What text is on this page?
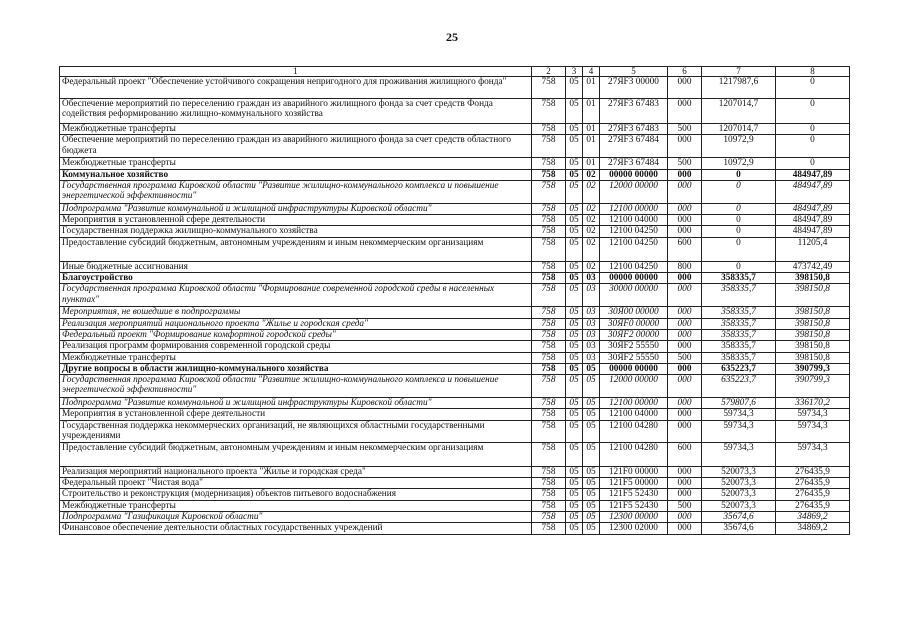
25
1	2	3	4	5	6	7	8
Федеральный проект "Обеспечение устойчивого сокращения непригодного для проживания жилищного фонда"	758	05	01	27ЯF3 00000	000	1217987,6	0
Обеспечение мероприятий по переселению граждан из аварийного жилищного фонда за счет средств Фонда содействия реформированию жилищно-коммунального хозяйства	758	05	01	27ЯF3 67483	000	1207014,7	0
Межбюджетные трансферты	758	05	01	27ЯF3 67483	500	1207014,7	0
Обеспечение мероприятий по переселению граждан из аварийного жилищного фонда за счет средств областного бюджета	758	05	01	27ЯF3 67484	000	10972,9	0
Межбюджетные трансферты	758	05	01	27ЯF3 67484	500	10972,9	0
Коммунальное хозяйство	758	05	02	00000 00000	000	0	484947,89
Государственная программа Кировской области "Развитие жилищно-коммунального комплекса и повышение энергетической эффективности"	758	05	02	12000 00000	000	0	484947,89
Подпрограмма "Развитие коммунальной и жилищной инфраструктуры Кировской области"	758	05	02	12100 00000	000	0	484947,89
Мероприятия в установленной сфере деятельности	758	05	02	12100 04000	000	0	484947,89
Государственная поддержка жилищно-коммунального хозяйства	758	05	02	12100 04250	000	0	484947,89
Предоставление субсидий бюджетным, автономным учреждениям и иным некоммерческим организациям	758	05	02	12100 04250	600	0	11205,4
Иные бюджетные ассигнования	758	05	02	12100 04250	800	0	473742,49
Благоустройство	758	05	03	00000 00000	000	358335,7	398150,8
Государственная программа Кировской области "Формирование современной городской среды в населенных пунктах"	758	05	03	30000 00000	000	358335,7	398150,8
Мероприятия, не вошедшие в подпрограммы	758	05	03	30Я00 00000	000	358335,7	398150,8
Реализация мероприятий национального проекта "Жилье и городская среда"	758	05	03	30ЯF0 00000	000	358335,7	398150,8
Федеральный проект "Формирование комфортной городской среды"	758	05	03	30ЯF2 00000	000	358335,7	398150,8
Реализация программ формирования современной городской среды	758	05	03	30ЯF2 55550	000	358335,7	398150,8
Межбюджетные трансферты	758	05	03	30ЯF2 55550	500	358335,7	398150,8
Другие вопросы в области жилищно-коммунального хозяйства	758	05	05	00000 00000	000	635223,7	390799,3
Государственная программа Кировской области "Развитие жилищно-коммунального комплекса и повышение энергетической эффективности"	758	05	05	12000 00000	000	635223,7	390799,3
Подпрограмма "Развитие коммунальной и жилищной инфраструктуры Кировской области"	758	05	05	12100 00000	000	579807,6	336170,2
Мероприятия в установленной сфере деятельности	758	05	05	12100 04000	000	59734,3	59734,3
Государственная поддержка некоммерческих организаций, не являющихся областными государственными учреждениями	758	05	05	12100 04280	000	59734,3	59734,3
Предоставление субсидий бюджетным, автономным учреждениям и иным некоммерческим организациям	758	05	05	12100 04280	600	59734,3	59734,3
Реализация мероприятий национального проекта "Жилье и городская среда"	758	05	05	121F0 00000	000	520073,3	276435,9
Федеральный проект "Чистая вода"	758	05	05	121F5 00000	000	520073,3	276435,9
Строительство и реконструкция (модернизация) объектов питьевого водоснабжения	758	05	05	121F5 52430	000	520073,3	276435,9
Межбюджетные трансферты	758	05	05	121F5 52430	500	520073,3	276435,9
Подпрограмма "Газификация Кировской области"	758	05	05	12300 00000	000	35674,6	34869,2
Финансовое обеспечение деятельности областных государственных учреждений	758	05	05	12300 02000	000	35674,6	34869,2
